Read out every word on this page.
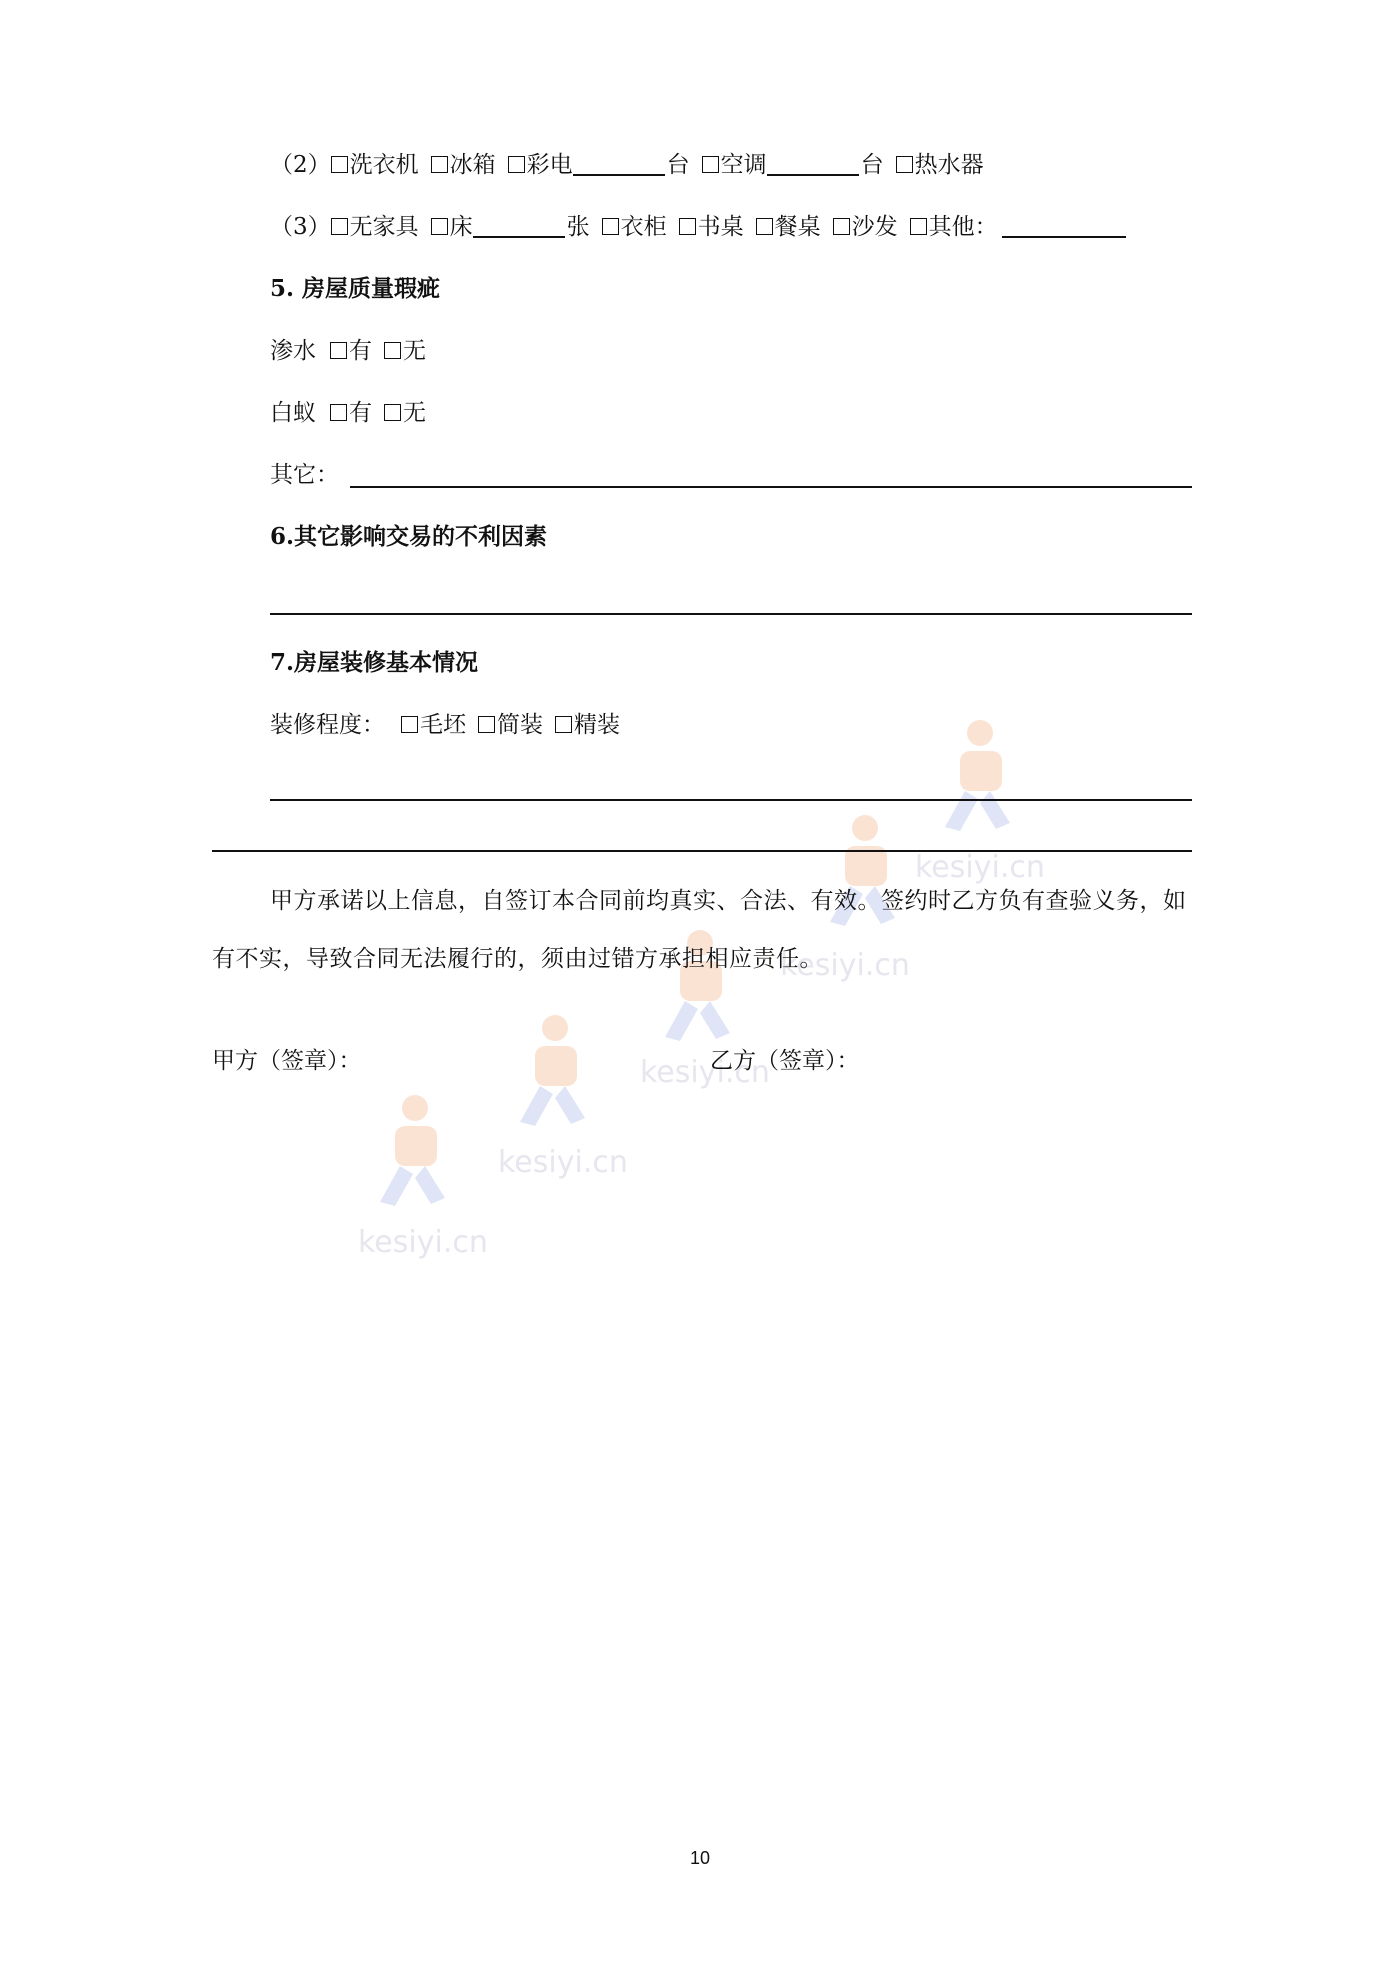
kesiyi.cn
kesiyi.cn
kesiyi.cn
kesiyi.cn
kesiyi.cn
（2） 洗衣机 冰箱 彩电	台 空调	台 热水器
（3） 无家具 床	张 衣柜 书桌 餐桌 沙发 其他：
5. 房屋质量瑕疵
渗水 有 无
白蚁 有 无
其它：
6.其它影响交易的不利因素
7.房屋装修基本情况
装修程度： 毛坯 简装 精装
甲方承诺以上信息，自签订本合同前均真实、合法、有效。签约时乙方负有查验义务，如有不实，导致合同无法履行的，须由过错方承担相应责任。
甲方（签章）：	乙方（签章）：
10
